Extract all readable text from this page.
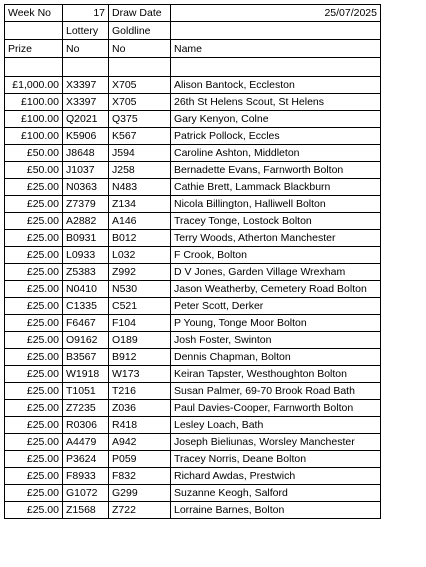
Week No	17	Draw Date	25/07/2025
	Lottery	Goldline	
Prize	No	No	Name

£1,000.00	X3397	X705	Alison Bantock, Eccleston
£100.00	X3397	X705	26th St Helens Scout, St Helens
£100.00	Q2021	Q375	Gary Kenyon, Colne
£100.00	K5906	K567	Patrick Pollock, Eccles
£50.00	J8648	J594	Caroline Ashton, Middleton
£50.00	J1037	J258	Bernadette Evans, Farnworth Bolton
£25.00	N0363	N483	Cathie Brett, Lammack Blackburn
£25.00	Z7379	Z134	Nicola Billington, Halliwell Bolton
£25.00	A2882	A146	Tracey Tonge, Lostock Bolton
£25.00	B0931	B012	Terry Woods, Atherton Manchester
£25.00	L0933	L032	F Crook, Bolton
£25.00	Z5383	Z992	D V Jones, Garden Village Wrexham
£25.00	N0410	N530	Jason Weatherby, Cemetery Road Bolton
£25.00	C1335	C521	Peter Scott, Derker
£25.00	F6467	F104	P Young, Tonge Moor Bolton
£25.00	O9162	O189	Josh Foster, Swinton
£25.00	B3567	B912	Dennis Chapman, Bolton
£25.00	W1918	W173	Keiran Tapster, Westhoughton Bolton
£25.00	T1051	T216	Susan Palmer, 69-70 Brook Road Bath
£25.00	Z7235	Z036	Paul Davies-Cooper, Farnworth Bolton
£25.00	R0306	R418	Lesley Loach, Bath
£25.00	A4479	A942	Joseph Bieliunas, Worsley Manchester
£25.00	P3624	P059	Tracey Norris, Deane Bolton
£25.00	F8933	F832	Richard Awdas, Prestwich
£25.00	G1072	G299	Suzanne Keogh, Salford
£25.00	Z1568	Z722	Lorraine Barnes, Bolton
